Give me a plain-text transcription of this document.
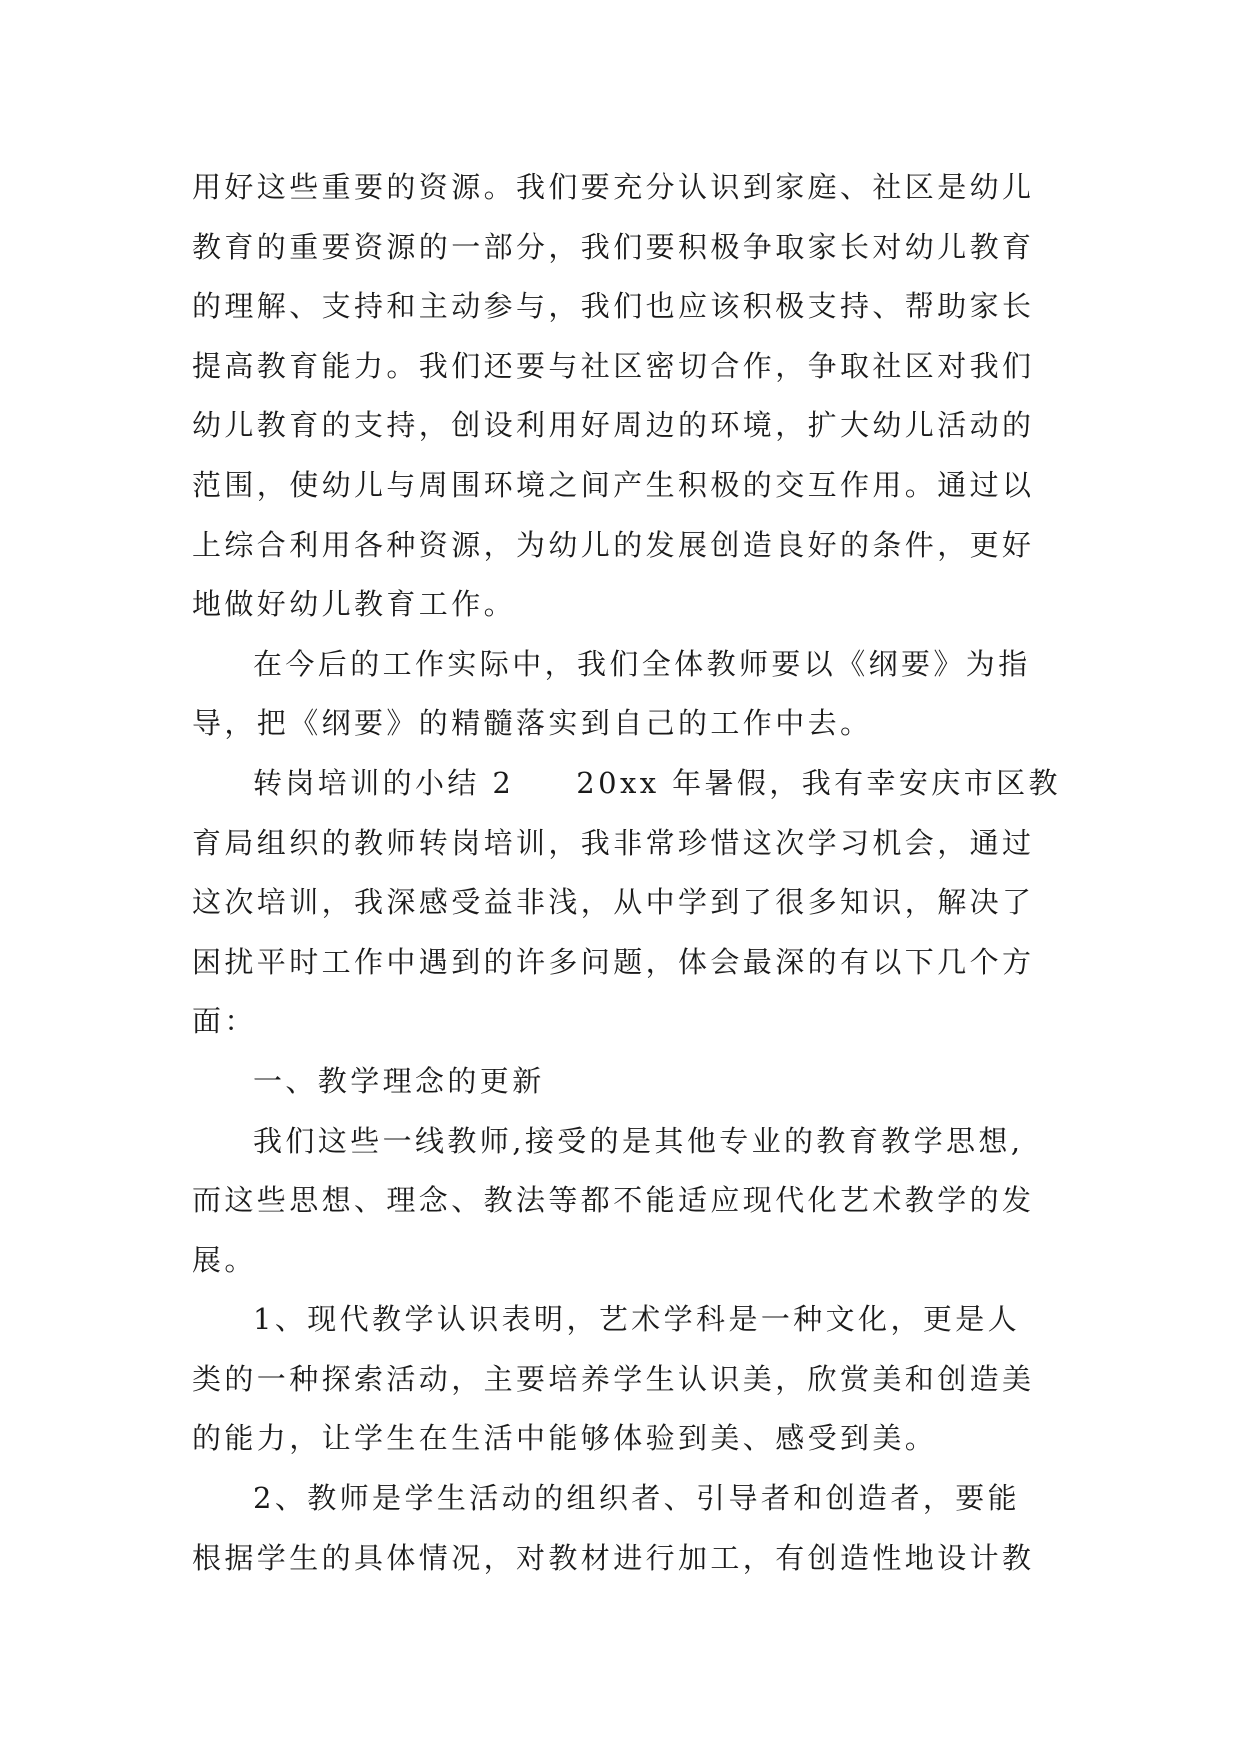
用好这些重要的资源。我们要充分认识到家庭、社区是幼儿
教育的重要资源的一部分，我们要积极争取家长对幼儿教育
的理解、支持和主动参与，我们也应该积极支持、帮助家长
提高教育能力。我们还要与社区密切合作，争取社区对我们
幼儿教育的支持，创设利用好周边的环境，扩大幼儿活动的
范围，使幼儿与周围环境之间产生积极的交互作用。通过以
上综合利用各种资源，为幼儿的发展创造良好的条件，更好
地做好幼儿教育工作。
在今后的工作实际中，我们全体教师要以《纲要》为指
导，把《纲要》的精髓落实到自己的工作中去。
转岗培训的小结 2 20xx 年暑假，我有幸安庆市区教
育局组织的教师转岗培训，我非常珍惜这次学习机会，通过
这次培训，我深感受益非浅，从中学到了很多知识，解决了
困扰平时工作中遇到的许多问题，体会最深的有以下几个方
面：
一、教学理念的更新
我们这些一线教师,接受的是其他专业的教育教学思想,
而这些思想、理念、教法等都不能适应现代化艺术教学的发
展。
1、现代教学认识表明，艺术学科是一种文化，更是人
类的一种探索活动，主要培养学生认识美，欣赏美和创造美
的能力，让学生在生活中能够体验到美、感受到美。
2、教师是学生活动的组织者、引导者和创造者，要能
根据学生的具体情况，对教材进行加工，有创造性地设计教
